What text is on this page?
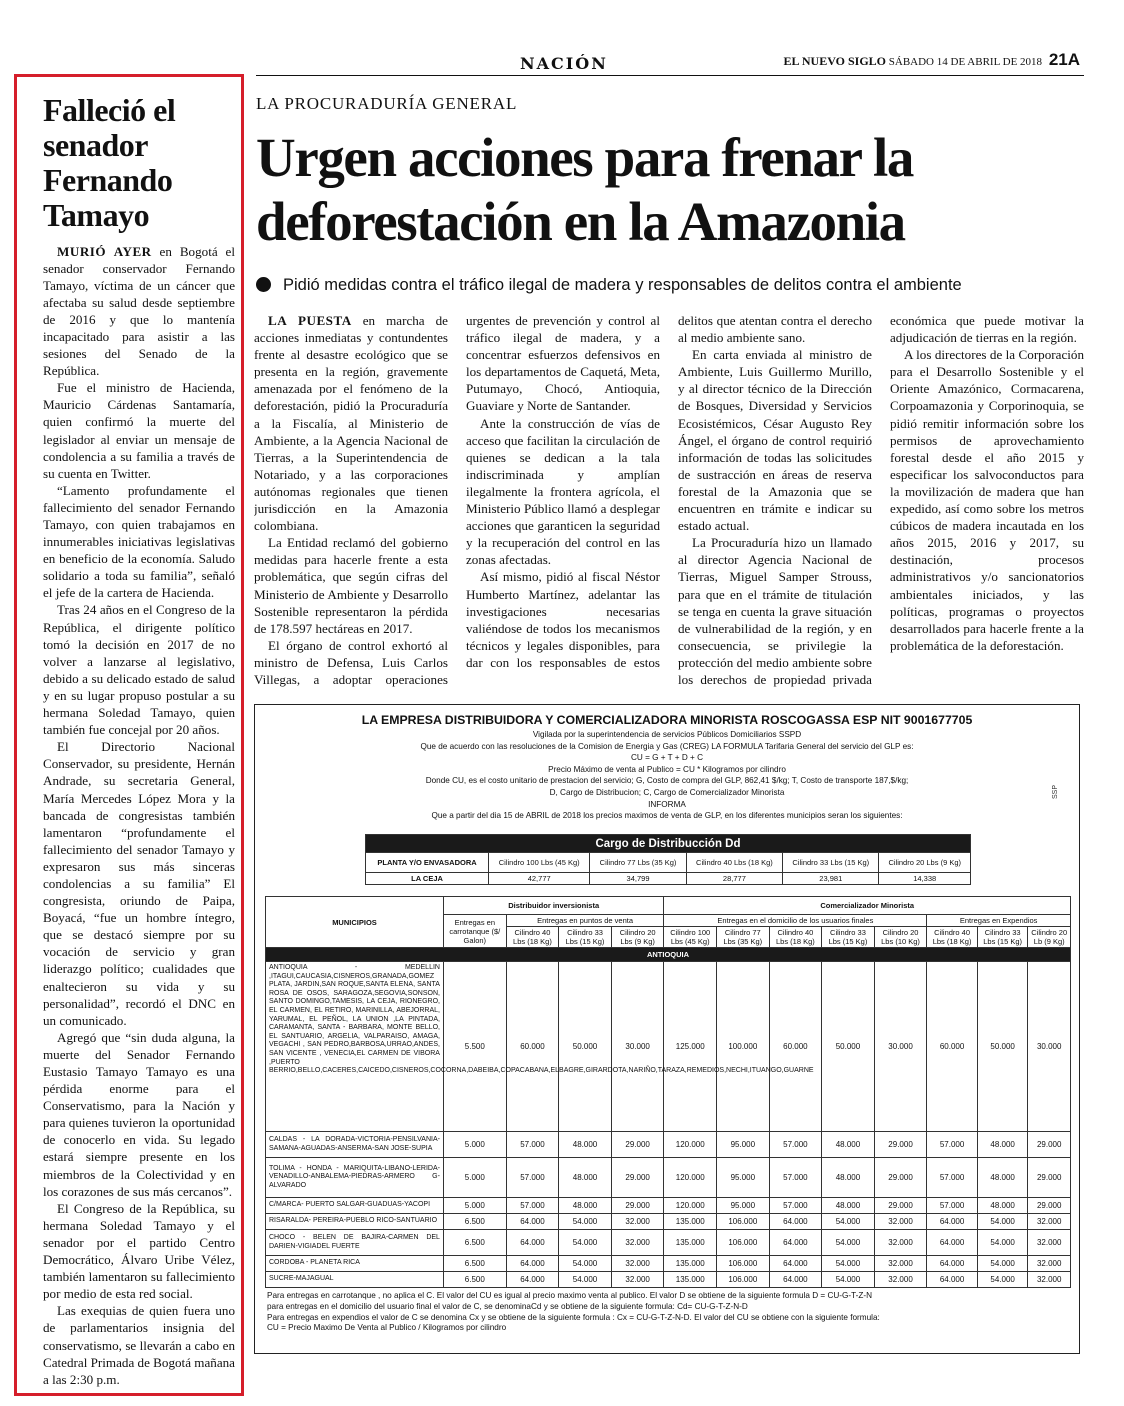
NACIÓN	EL NUEVO SIGLO SÁBADO 14 DE ABRIL DE 2018 21A
Falleció el senador Fernando Tamayo

MURIÓ AYER en Bogotá el senador conservador Fernando Tamayo, víctima de un cáncer que afectaba su salud desde septiembre de 2016 y que lo mantenía incapacitado para asistir a las sesiones del Senado de la República.

Fue el ministro de Hacienda, Mauricio Cárdenas Santamaría, quien confirmó la muerte del legislador al enviar un mensaje de condolencia a su familia a través de su cuenta en Twitter.

“Lamento profundamente el fallecimiento del senador Fernando Tamayo, con quien trabajamos en innumerables iniciativas legislativas en beneficio de la economía. Saludo solidario a toda su familia”, señaló el jefe de la cartera de Hacienda.

Tras 24 años en el Congreso de la República, el dirigente político tomó la decisión en 2017 de no volver a lanzarse al legislativo, debido a su delicado estado de salud y en su lugar propuso postular a su hermana Soledad Tamayo, quien también fue concejal por 20 años.

El Directorio Nacional Conservador, su presidente, Hernán Andrade, su secretaria General, María Mercedes López Mora y la bancada de congresistas también lamentaron “profundamente el fallecimiento del senador Tamayo y expresaron sus más sinceras condolencias a su familia” El congresista, oriundo de Paipa, Boyacá, “fue un hombre íntegro, que se destacó siempre por su vocación de servicio y gran liderazgo político; cualidades que enaltecieron su vida y su personalidad”, recordó el DNC en un comunicado.

Agregó que “sin duda alguna, la muerte del Senador Fernando Eustasio Tamayo Tamayo es una pérdida enorme para el Conservatismo, para la Nación y para quienes tuvieron la oportunidad de conocerlo en vida. Su legado estará siempre presente en los miembros de la Colectividad y en los corazones de sus más cercanos”.

El Congreso de la República, su hermana Soledad Tamayo y el senador por el partido Centro Democrático, Álvaro Uribe Vélez, también lamentaron su fallecimiento por medio de esta red social.

Las exequias de quien fuera uno de parlamentarios insignia del conservatismo, se llevarán a cabo en Catedral Primada de Bogotá mañana a las 2:30 p.m.

LA PROCURADURÍA GENERAL
Urgen acciones para frenar la deforestación en la Amazonia
Pidió medidas contra el tráfico ilegal de madera y responsables de delitos contra el ambiente

LA PUESTA en marcha de acciones inmediatas y contundentes frente al desastre ecológico que se presenta en la región, gravemente amenazada por el fenómeno de la deforestación, pidió la Procuraduría a la Fiscalía, al Ministerio de Ambiente, a la Agencia Nacional de Tierras, a la Superintendencia de Notariado, y a las corporaciones autónomas regionales que tienen jurisdicción en la Amazonia colombiana.

La Entidad reclamó del gobierno medidas para hacerle frente a esta problemática, que según cifras del Ministerio de Ambiente y Desarrollo Sostenible representaron la pérdida de 178.597 hectáreas en 2017.

El órgano de control exhortó al ministro de Defensa, Luis Carlos Villegas, a adoptar operaciones urgentes de prevención y control al tráfico ilegal de madera, y a concentrar esfuerzos defensivos en los departamentos de Caquetá, Meta, Putumayo, Chocó, Antioquia, Guaviare y Norte de Santander.

Ante la construcción de vías de acceso que facilitan la circulación de quienes se dedican a la tala indiscriminada y amplían ilegalmente la frontera agrícola, el Ministerio Público llamó a desplegar acciones que garanticen la seguridad y la recuperación del control en las zonas afectadas.

Así mismo, pidió al fiscal Néstor Humberto Martínez, adelantar las investigaciones necesarias valiéndose de todos los mecanismos técnicos y legales disponibles, para dar con los responsables de estos delitos que atentan contra el derecho al medio ambiente sano.

En carta enviada al ministro de Ambiente, Luis Guillermo Murillo, y al director técnico de la Dirección de Bosques, Diversidad y Servicios Ecosistémicos, César Augusto Rey Ángel, el órgano de control requirió información de todas las solicitudes de sustracción en áreas de reserva forestal de la Amazonia que se encuentren en trámite e indicar su estado actual.

La Procuraduría hizo un llamado al director Agencia Nacional de Tierras, Miguel Samper Strouss, para que en el trámite de titulación se tenga en cuenta la grave situación de vulnerabilidad de la región, y en consecuencia, se privilegie la protección del medio ambiente sobre los derechos de propiedad privada económica que puede motivar la adjudicación de tierras en la región.

A los directores de la Corporación para el Desarrollo Sostenible y el Oriente Amazónico, Cormacarena, Corpoamazonia y Corporinoquia, se pidió remitir información sobre los permisos de aprovechamiento forestal desde el año 2015 y especificar los salvoconductos para la movilización de madera que han expedido, así como sobre los metros cúbicos de madera incautada en los años 2015, 2016 y 2017, su destinación, procesos administrativos y/o sancionatorios ambientales iniciados, y las políticas, programas o proyectos desarrollados para hacerle frente a la problemática de la deforestación.

LA EMPRESA DISTRIBUIDORA Y COMERCIALIZADORA MINORISTA ROSCOGASSA ESP NIT 9001677705
Vigilada por la superintendencia de servicios Públicos Domiciliarios SSPD
Que de acuerdo con las resoluciones de la Comision de Energia y Gas (CREG) LA FORMULA Tarifaria General del servicio del GLP es:
CU = G + T + D + C
Precio Máximo de venta al Publico = CU * Kilogramos por cilindro
Donde CU, es el costo unitario de prestacion del servicio; G, Costo de compra del GLP, 862,41 $/kg; T, Costo de transporte 187,$/kg;
D, Cargo de Distribucion; C, Cargo de Comercializador Minorista
INFORMA
Que a partir del dia 15 de ABRIL de 2018 los precios maximos de venta de GLP, en los diferentes municipios seran los siguientes:
SSP
Cargo de Distribucción Dd					
PLANTA Y/O ENVASADORA	Cilindro 100 Lbs (45 Kg)	Cilindro 77 Lbs (35 Kg)	Cilindro 40 Lbs (18 Kg)	Cilindro 33 Lbs (15 Kg)	Cilindro 20 Lbs (9 Kg)
LA CEJA	42,777	34,799	28,777	23,981	14,338
MUNICIPIOS	Distribuidor inversionista				Comercializador Minorista							
	Entregas en carrotanque ($/ Galon)	Entregas en puntos de venta			Entregas en el domicilio de los usuarios finales					Entregas en Expendios		
		Cilindro 40 Lbs (18 Kg)	Cilindro 33 Lbs (15 Kg)	Cilindro 20 Lbs (9 Kg)	Cilindro 100 Lbs (45 Kg)	Cilindro 77 Lbs (35 Kg)	Cilindro 40 Lbs (18 Kg)	Cilindro 33 Lbs (15 Kg)	Cilindro 20 Lbs (10 Kg)	Cilindro 40 Lbs (18 Kg)	Cilindro 33 Lbs (15 Kg)	Cilindro 20 Lb (9 Kg)
ANTIOQUIA												
ANTIOQUIA - MEDELLIN ,ITAGUI,CAUCASIA,CISNEROS,GRANADA,GOMEZ PLATA, JARDIN,SAN ROQUE,SANTA ELENA, SANTA ROSA DE OSOS, SARAGOZA,SEGOVIA,SONSON, SANTO DOMINGO,TAMESIS, LA CEJA, RIONEGRO, EL CARMEN, EL RETIRO, MARINILLA, ABEJORRAL, YARUMAL, EL PEÑOL, LA UNION ,LA PINTADA, CARAMANTA, SANTA - BARBARA, MONTE BELLO, EL SANTUARIO, ARGELIA, VALPARAISO, AMAGA, VEGACHI , SAN PEDRO,BARBOSA,URRAO,ANDES, SAN VICENTE , VENECIA,EL CARMEN DE VIBORA ,PUERTO BERRIO,BELLO,CACERES,CAICEDO,CISNEROS,COCORNA,DABEIBA,COPACABANA,ELBAGRE,GIRARDOTA,NARIÑO,TARAZA,REMEDIOS,NECHI,ITUANGO,GUARNE	5.500	60.000	50.000	30.000	125.000	100.000	60.000	50.000	30.000	60.000	50.000	30.000
CALDAS - LA DORADA-VICTORIA-PENSILVANIA-SAMANA-AGUADAS-ANSERMA-SAN JOSE-SUPIA	5.000	57.000	48.000	29.000	120.000	95.000	57.000	48.000	29.000	57.000	48.000	29.000
TOLIMA - HONDA - MARIQUITA-LIBANO-LERIDA-VENADILLO-ANBALEMA-PIEDRAS-ARMERO G-ALVARADO	5.000	57.000	48.000	29.000	120.000	95.000	57.000	48.000	29.000	57.000	48.000	29.000
C/MARCA- PUERTO SALGAR-GUADUAS-YACOPI	5.000	57.000	48.000	29.000	120.000	95.000	57.000	48.000	29.000	57.000	48.000	29.000
RISARALDA- PEREIRA-PUEBLO RICO-SANTUARIO	6.500	64.000	54.000	32.000	135.000	106.000	64.000	54.000	32.000	64.000	54.000	32.000
CHOCO - BELEN DE BAJIRA-CARMEN DEL DARIEN-VIGIADEL FUERTE	6.500	64.000	54.000	32.000	135.000	106.000	64.000	54.000	32.000	64.000	54.000	32.000
CORDOBA - PLANETA RICA	6.500	64.000	54.000	32.000	135.000	106.000	64.000	54.000	32.000	64.000	54.000	32.000
SUCRE-MAJAGUAL	6.500	64.000	54.000	32.000	135.000	106.000	64.000	54.000	32.000	64.000	54.000	32.000
Para entregas en carrotanque , no aplica el C. El valor del CU es igual al precio maximo venta al publico. El valor D se obtiene de la siguiente formula D = CU-G-T-Z-N
para entregas en el domicilio del usuario final el valor de C, se denominaCd y se obtiene de la siguiente formula: Cd= CU-G-T-Z-N-D
Para entregas en expendios el valor de C se denomina Cx y se obtiene de la siguiente formula : Cx = CU-G-T-Z-N-D. El valor del CU se obtiene con la siguiente formula:
CU = Precio Maximo De Venta al Publico / Kilogramos por cilindro
